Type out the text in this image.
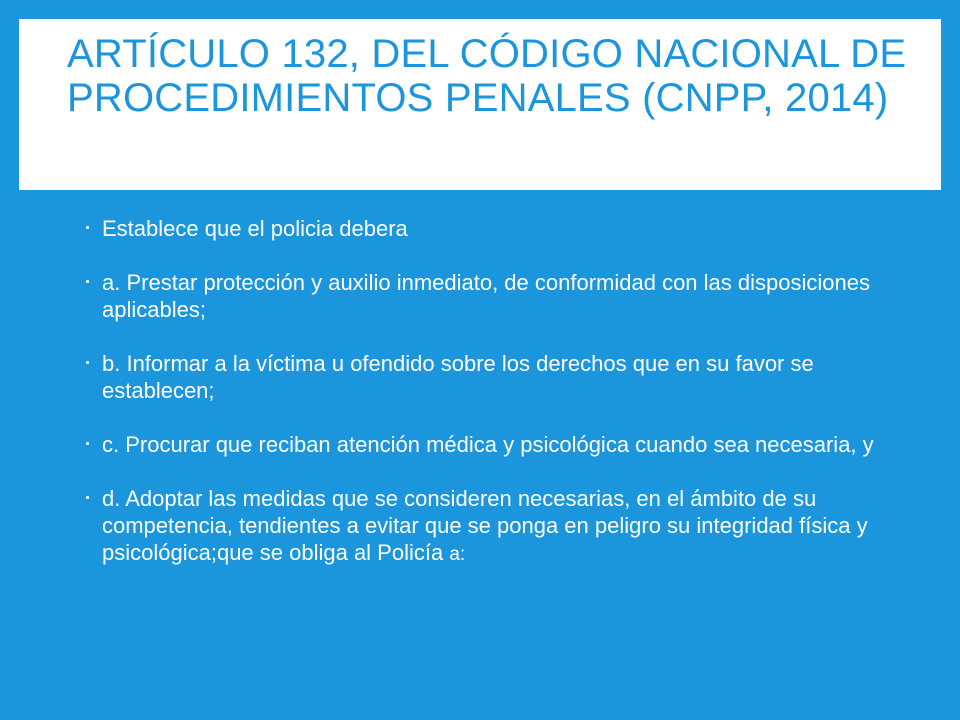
ARTÍCULO 132, DEL CÓDIGO NACIONAL DE PROCEDIMIENTOS PENALES (CNPP, 2014)
Establece que el policia debera
a. Prestar protección y auxilio inmediato, de conformidad con las disposiciones aplicables;
b. Informar a la víctima u ofendido sobre los derechos que en su favor se establecen;
c. Procurar que reciban atención médica y psicológica cuando sea necesaria, y
d. Adoptar las medidas que se consideren necesarias, en el ámbito de su competencia, tendientes a evitar que se ponga en peligro su integridad física y psicológica;que se obliga al Policía a:
